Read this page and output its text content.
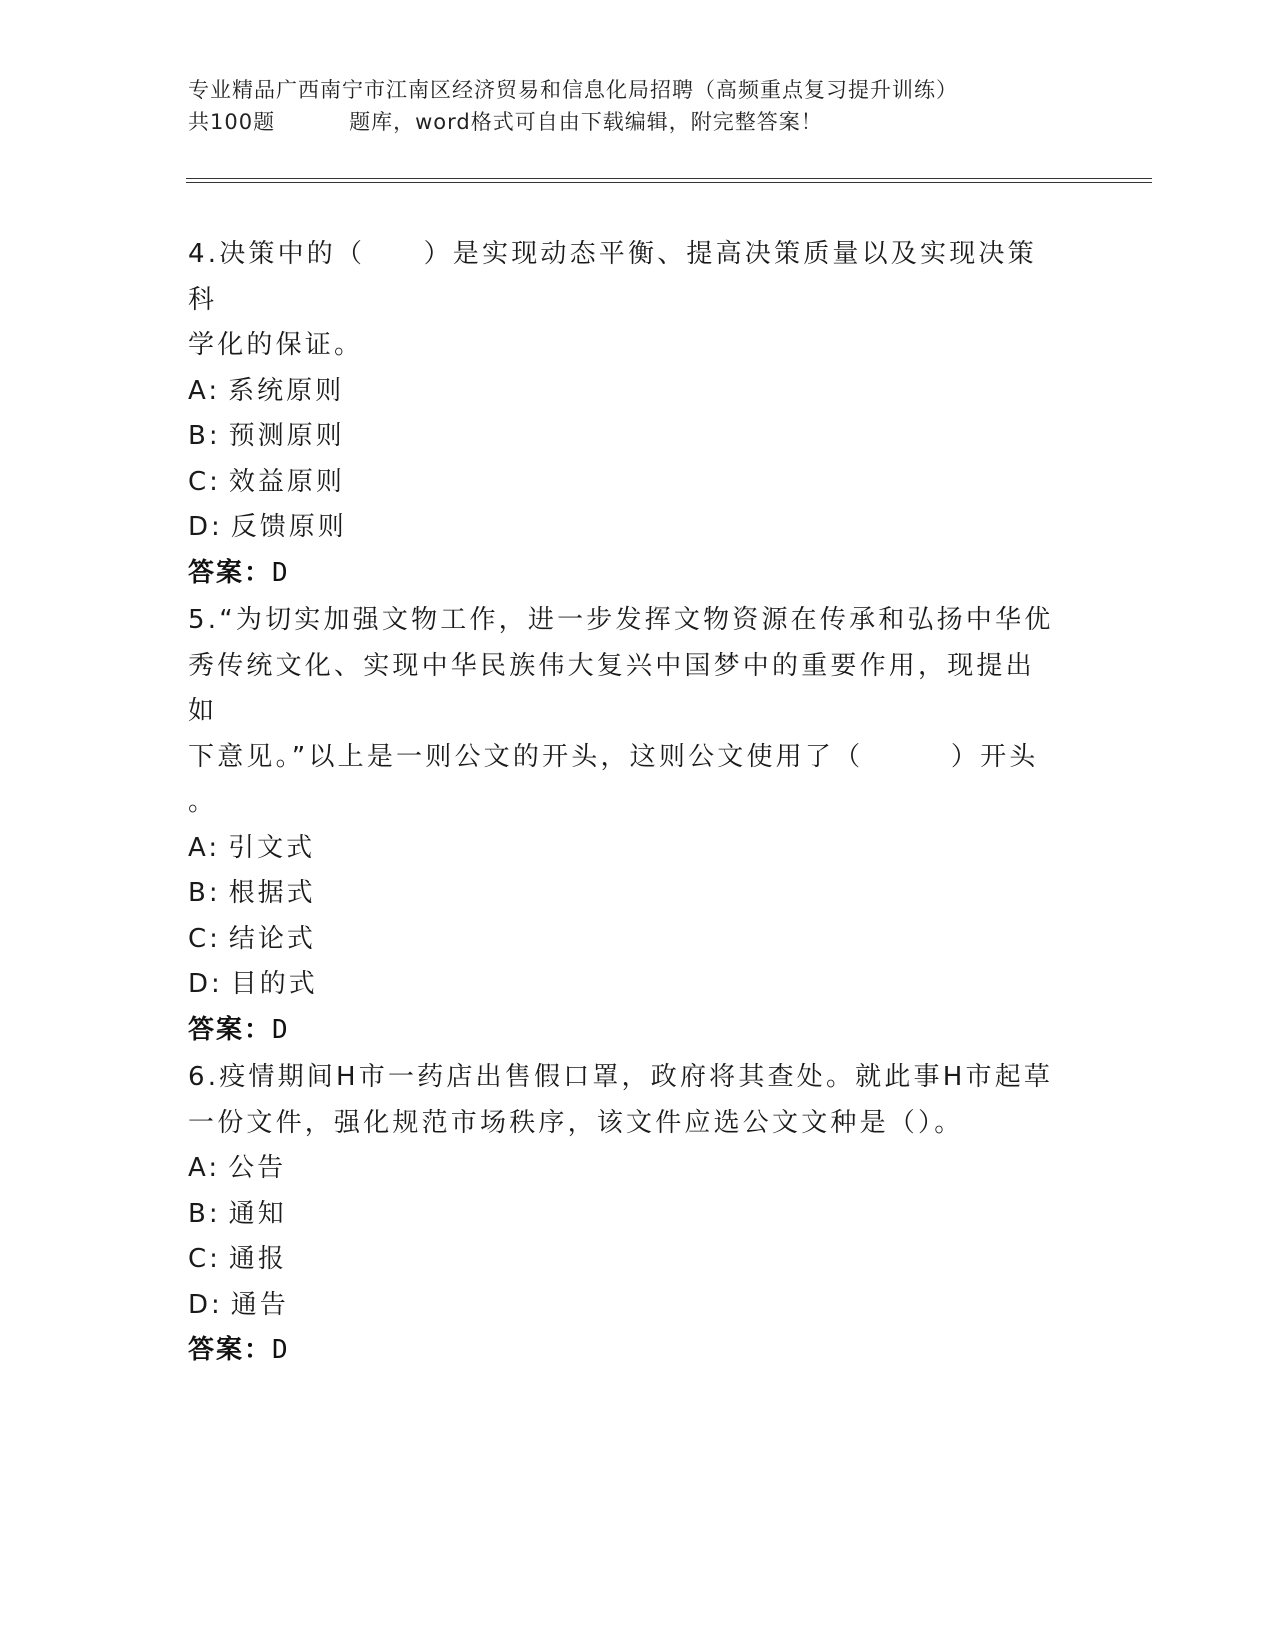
专业精品广西南宁市江南区经济贸易和信息化局招聘（高频重点复习提升训练）
共100题	题库，word格式可自由下载编辑，附完整答案！

4.决策中的（　　）是实现动态平衡、提高决策质量以及实现决策科

学化的保证。

A: 系统原则

B: 预测原则

C: 效益原则

D: 反馈原则

答案：D

5.“为切实加强文物工作，进一步发挥文物资源在传承和弘扬中华优

秀传统文化、实现中华民族伟大复兴中国梦中的重要作用，现提出如

下意见。”以上是一则公文的开头，这则公文使用了（　　　）开头

。

A: 引文式

B: 根据式

C: 结论式

D: 目的式

答案：D

6.疫情期间H市一药店出售假口罩，政府将其查处。就此事H市起草

一份文件，强化规范市场秩序，该文件应选公文文种是（）。

A: 公告

B: 通知

C: 通报

D: 通告

答案：D
